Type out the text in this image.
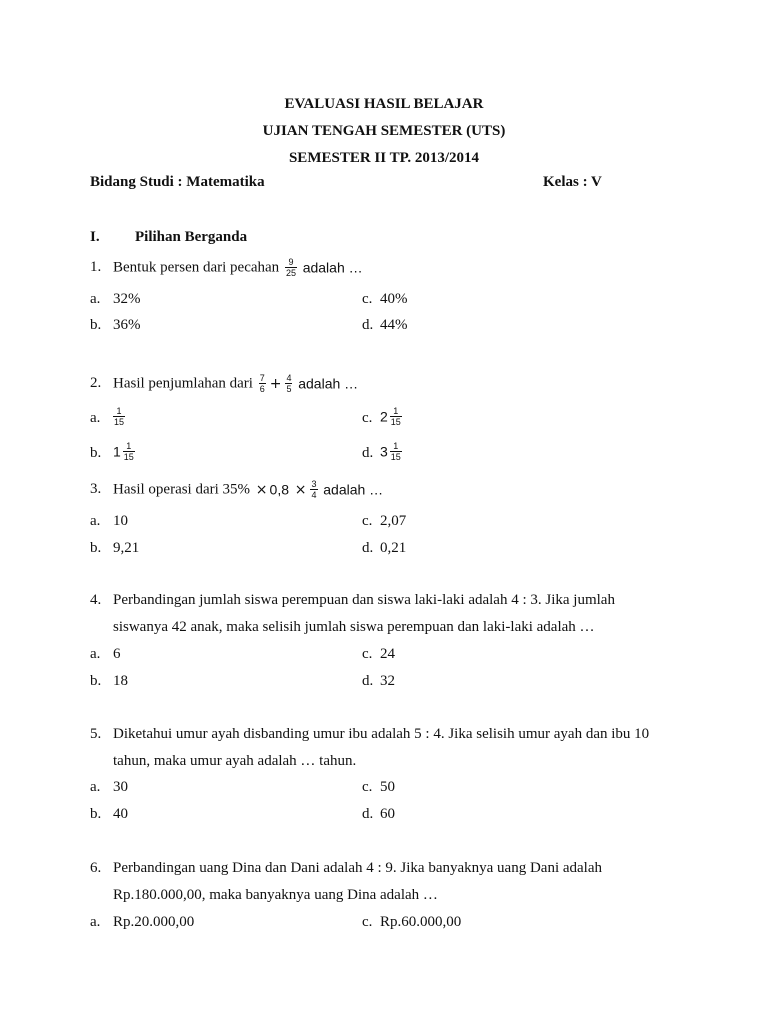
EVALUASI HASIL BELAJAR
UJIAN TENGAH SEMESTER (UTS)
SEMESTER II TP. 2013/2014
Bidang Studi : Matematika	Kelas : V
I. Pilihan Berganda
1. Bentuk persen dari pecahan $\frac{9}{25}$ adalah …
a. 32%	c. 40%
b. 36%	d. 44%
2. Hasil penjumlahan dari $\frac{7}{6} + \frac{4}{5}$ adalah …
a. $\frac{1}{15}$	c. $2 \frac{1}{15}$
b. $1 \frac{1}{15}$	d. $3 \frac{1}{15}$
3. Hasil operasi dari $35\% \times 0,8 \times \frac{3}{4}$ adalah …
a. 10	c. 2,07
b. 9,21	d. 0,21
4. Perbandingan jumlah siswa perempuan dan siswa laki-laki adalah 4 : 3. Jika jumlah
siswanya 42 anak, maka selisih jumlah siswa perempuan dan laki-laki adalah …
a. 6	c. 24
b. 18	d. 32
5. Diketahui umur ayah disbanding umur ibu adalah 5 : 4. Jika selisih umur ayah dan ibu 10
tahun, maka umur ayah adalah … tahun.
a. 30	c. 50
b. 40	d. 60
6. Perbandingan uang Dina dan Dani adalah 4 : 9. Jika banyaknya uang Dani adalah
Rp.180.000,00, maka banyaknya uang Dina adalah …
a. Rp.20.000,00	c. Rp.60.000,00
